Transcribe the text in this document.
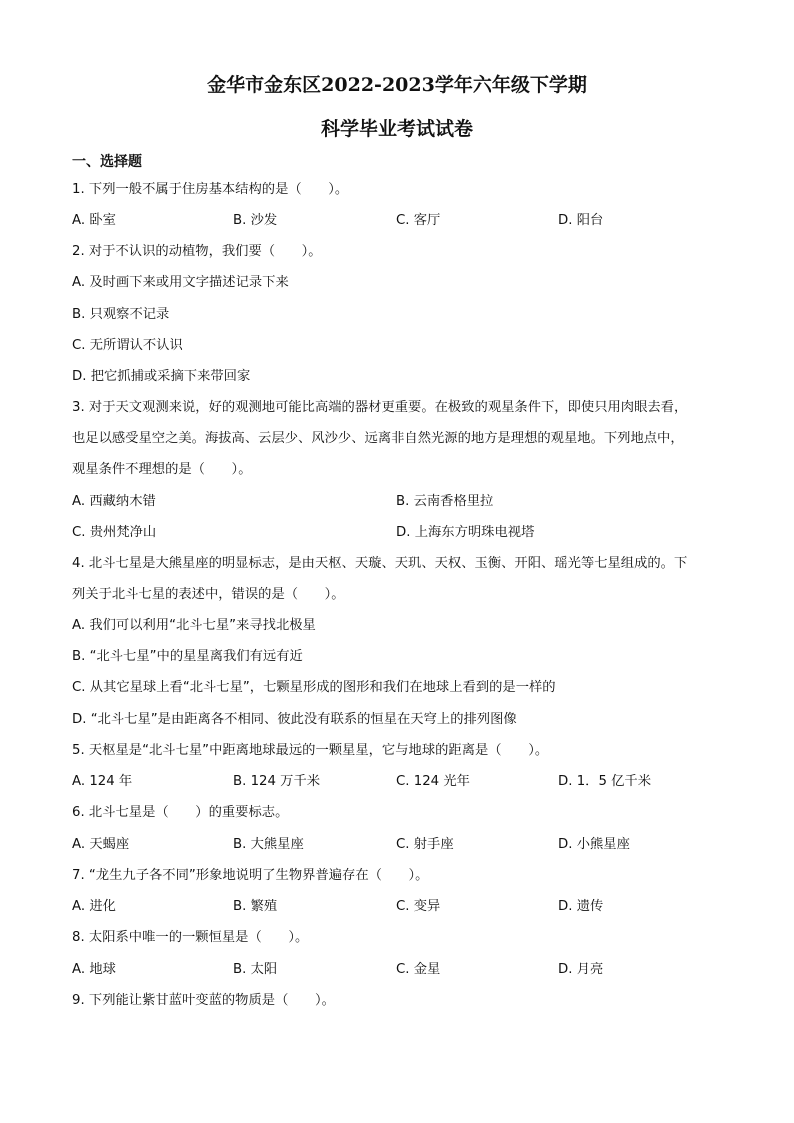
金华市金东区2022-2023学年六年级下学期
科学毕业考试试卷
一、选择题
1. 下列一般不属于住房基本结构的是（　　）。
A. 卧室	B. 沙发	C. 客厅	D. 阳台
2. 对于不认识的动植物，我们要（　　）。
A. 及时画下来或用文字描述记录下来
B. 只观察不记录
C. 无所谓认不认识
D. 把它抓捕或采摘下来带回家
3. 对于天文观测来说，好的观测地可能比高端的器材更重要。在极致的观星条件下，即使只用肉眼去看，
也足以感受星空之美。海拔高、云层少、风沙少、远离非自然光源的地方是理想的观星地。下列地点中，
观星条件不理想的是（　　）。
A. 西藏纳木错	B. 云南香格里拉
C. 贵州梵净山	D. 上海东方明珠电视塔
4. 北斗七星是大熊星座的明显标志，是由天枢、天璇、天玑、天权、玉衡、开阳、瑶光等七星组成的。下
列关于北斗七星的表述中，错误的是（　　）。
A. 我们可以利用“北斗七星”来寻找北极星
B. “北斗七星”中的星星离我们有远有近
C. 从其它星球上看“北斗七星”，七颗星形成的图形和我们在地球上看到的是一样的
D. “北斗七星”是由距离各不相同、彼此没有联系的恒星在天穹上的排列图像
5. 天枢星是“北斗七星”中距离地球最远的一颗星星，它与地球的距离是（　　）。
A. 124 年	B. 124 万千米	C. 124 光年	D. 1．5 亿千米
6. 北斗七星是（　　）的重要标志。
A. 天蝎座	B. 大熊星座	C. 射手座	D. 小熊星座
7. “龙生九子各不同”形象地说明了生物界普遍存在（　　）。
A. 进化	B. 繁殖	C. 变异	D. 遗传
8. 太阳系中唯一的一颗恒星是（　　）。
A. 地球	B. 太阳	C. 金星	D. 月亮
9. 下列能让紫甘蓝叶变蓝的物质是（　　）。
